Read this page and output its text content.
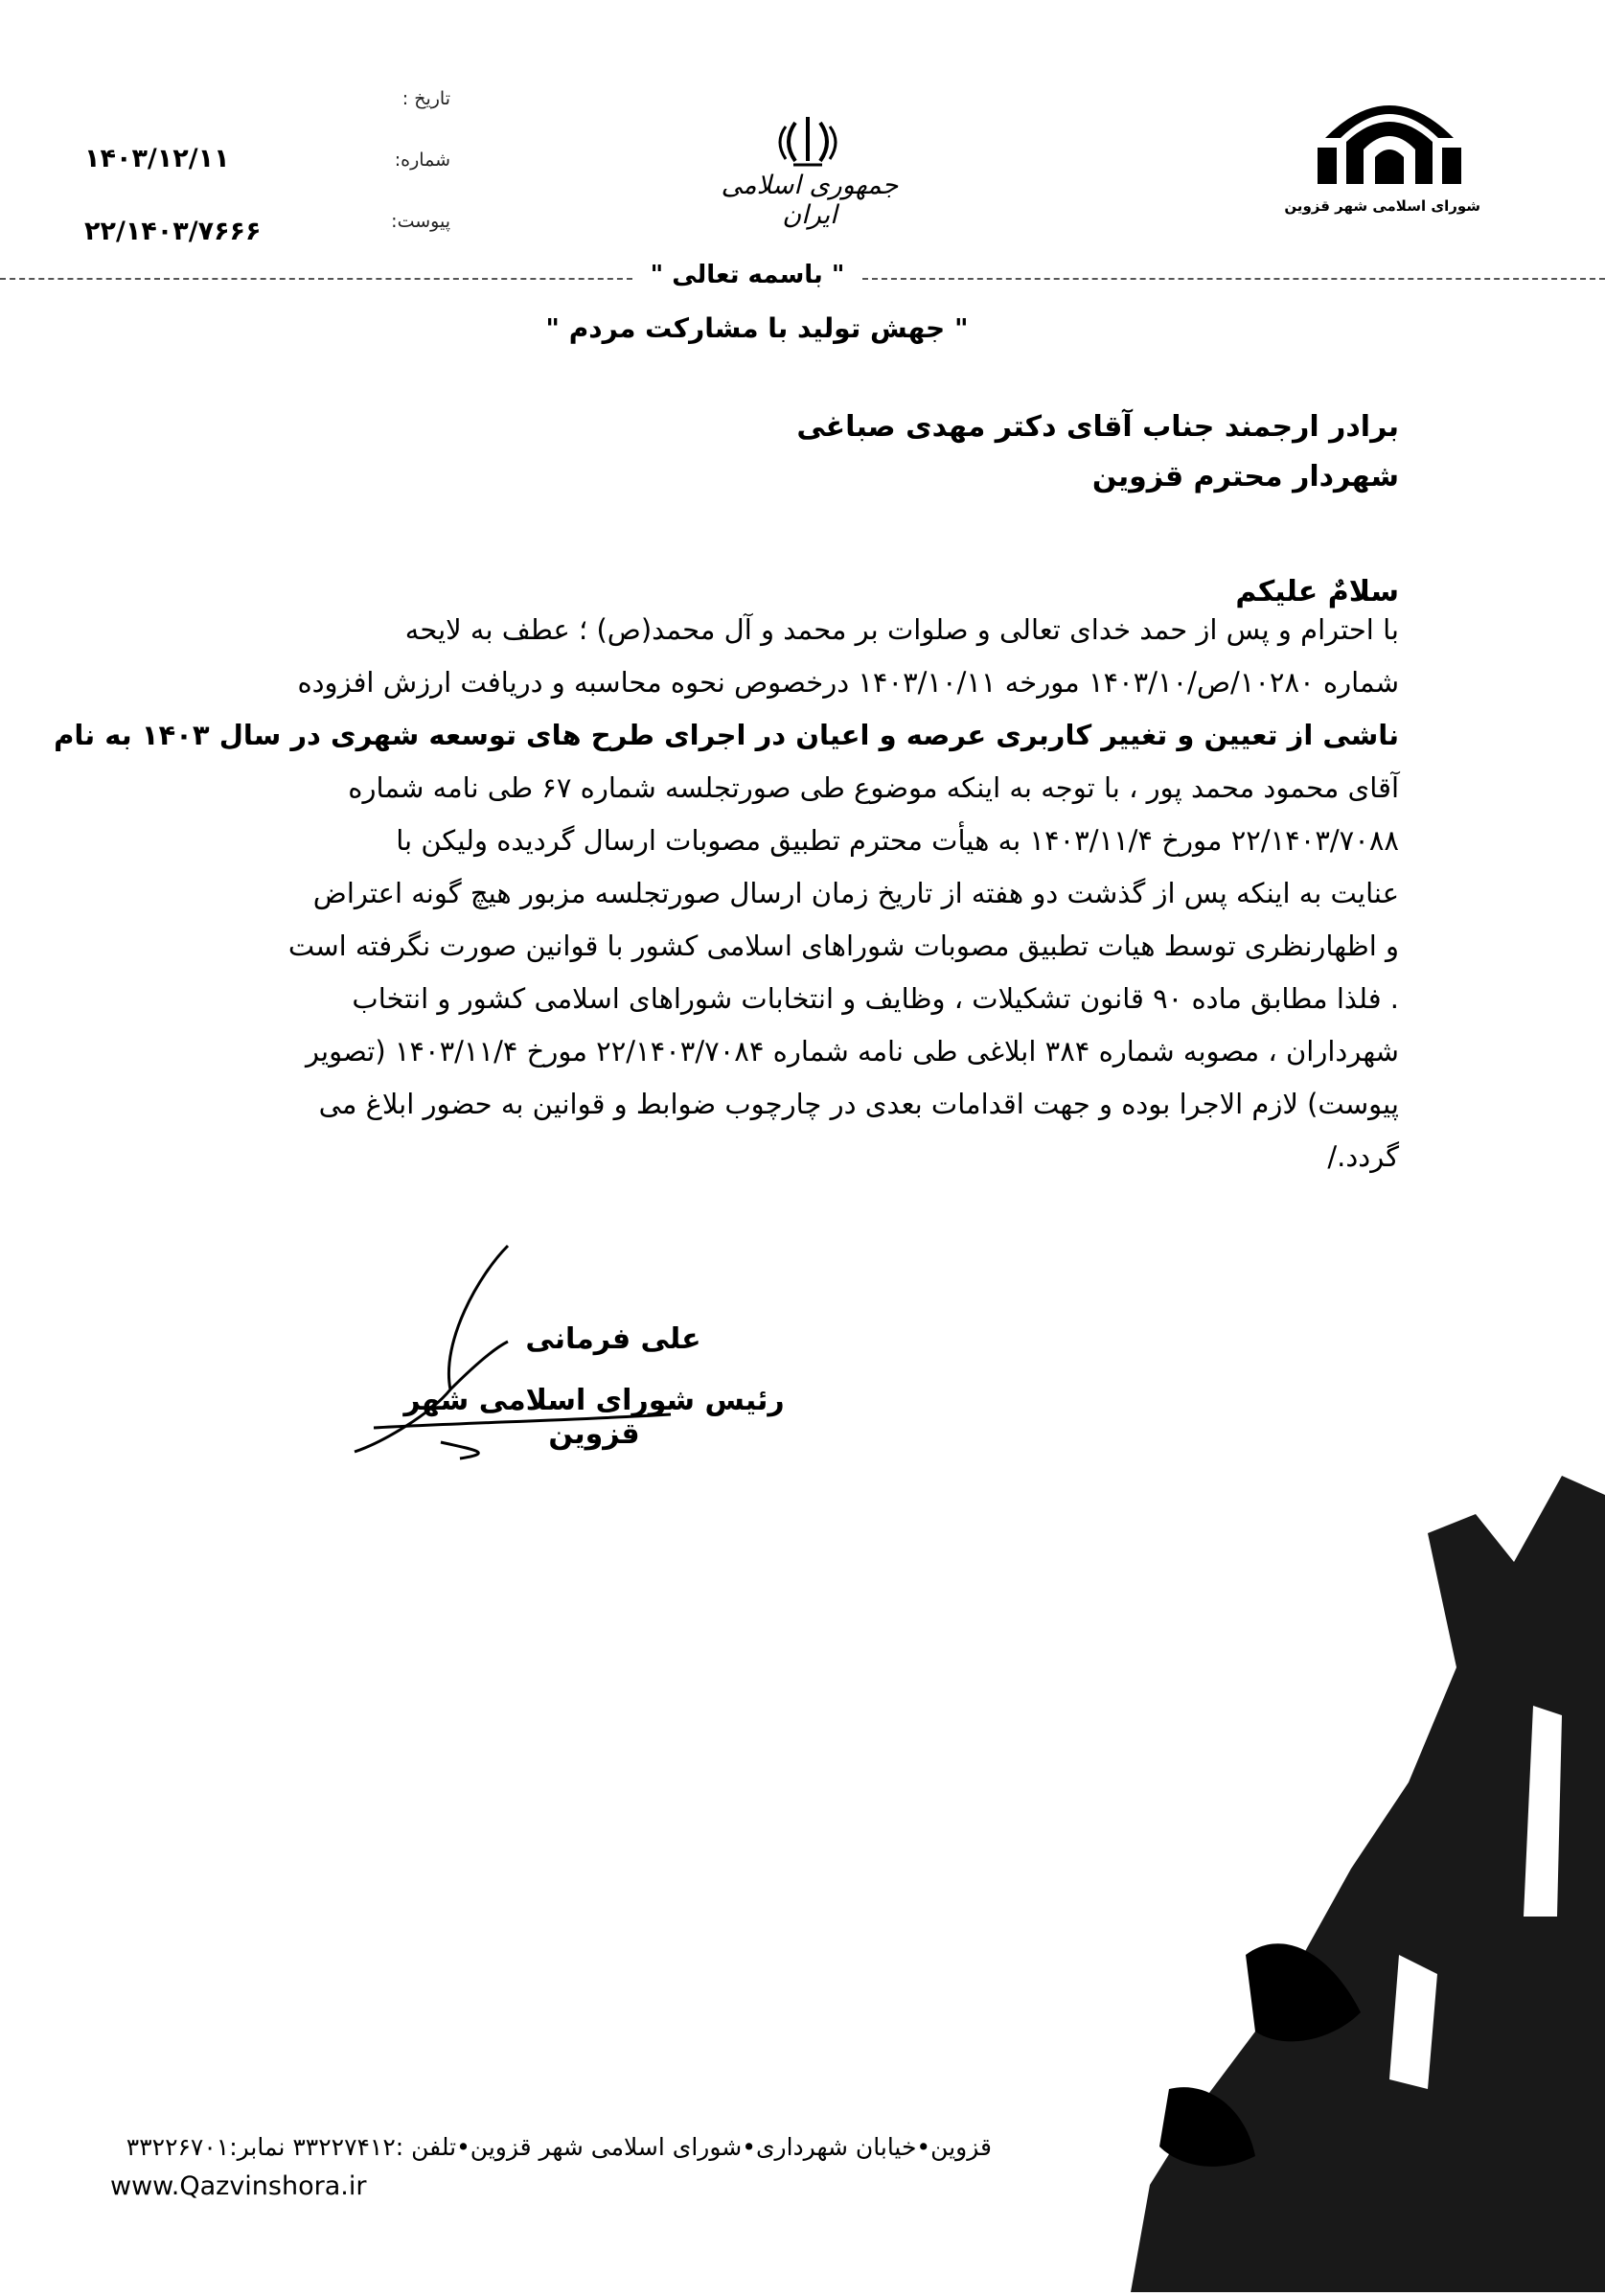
شورای اسلامی شهر قزوین
جمهوری اسلامی ایران
تاریخ :
شماره:
پیوست:
۱۴۰۳/۱۲/۱۱
۲۲/۱۴۰۳/۷۶۶۶
" باسمه تعالی "
" جهش تولید با مشارکت مردم "
برادر ارجمند جناب آقای دکتر مهدی صباغی
شهردار محترم قزوین
سلامٌ علیکم
با احترام و پس از حمد خدای تعالی و صلوات بر محمد و آل محمد(ص) ؛ عطف به لایحه
شماره ۱۰۲۸۰/ص/۱۴۰۳/۱۰ مورخه ۱۴۰۳/۱۰/۱۱ درخصوص نحوه محاسبه و دریافت ارزش افزوده
ناشی از تعیین و تغییر کاربری عرصه و اعیان در اجرای طرح های توسعه شهری در سال ۱۴۰۳ به نام
آقای محمود محمد پور ، با توجه به اینکه موضوع طی صورتجلسه شماره ۶۷ طی نامه شماره
۲۲/۱۴۰۳/۷۰۸۸ مورخ ۱۴۰۳/۱۱/۴ به هیأت محترم تطبیق مصوبات ارسال گردیده ولیکن با
عنایت به اینکه پس از گذشت دو هفته از تاریخ زمان ارسال صورتجلسه مزبور هیچ گونه اعتراض
و اظهارنظری توسط هیات تطبیق مصوبات شوراهای اسلامی کشور با قوانین صورت نگرفته است
. فلذا مطابق ماده ۹۰ قانون تشکیلات ، وظایف و انتخابات شوراهای اسلامی کشور و انتخاب
شهرداران ، مصوبه شماره ۳۸۴ ابلاغی طی نامه شماره ۲۲/۱۴۰۳/۷۰۸۴ مورخ ۱۴۰۳/۱۱/۴ (تصویر
پیوست) لازم الاجرا بوده و جهت اقدامات بعدی در چارچوب ضوابط و قوانین به حضور ابلاغ می
گردد./
علی فرمانی
رئیس شورای اسلامی شهر قزوین
قزوین•خیابان شهرداری•شورای اسلامی شهر قزوین•تلفن :۳۳۲۲۷۴۱۲ نمابر:۳۳۲۲۶۷۰۱
www.Qazvinshora.ir
